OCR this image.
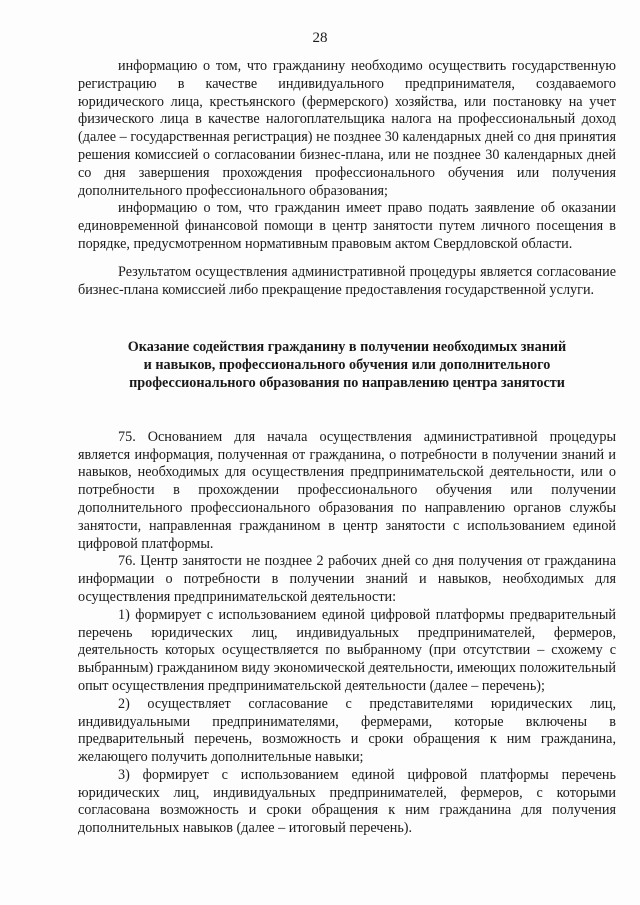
28

информацию о том, что гражданину необходимо осуществить государственную регистрацию в качестве индивидуального предпринимателя, создаваемого юридического лица, крестьянского (фермерского) хозяйства, или постановку на учет физического лица в качестве налогоплательщика налога на профессиональный доход (далее – государственная регистрация) не позднее 30 календарных дней со дня принятия решения комиссией о согласовании бизнес-плана, или не позднее 30 календарных дней со дня завершения прохождения профессионального обучения или получения дополнительного профессионального образования;

информацию о том, что гражданин имеет право подать заявление об оказании единовременной финансовой помощи в центр занятости путем личного посещения в порядке, предусмотренном нормативным правовым актом Свердловской области.

Результатом осуществления административной процедуры является согласование бизнес-плана комиссией либо прекращение предоставления государственной услуги.

Оказание содействия гражданину в получении необходимых знаний
и навыков, профессионального обучения или дополнительного
профессионального образования по направлению центра занятости

75. Основанием для начала осуществления административной процедуры является информация, полученная от гражданина, о потребности в получении знаний и навыков, необходимых для осуществления предпринимательской деятельности, или о потребности в прохождении профессионального обучения или получении дополнительного профессионального образования по направлению органов службы занятости, направленная гражданином в центр занятости с использованием единой цифровой платформы.

76. Центр занятости не позднее 2 рабочих дней со дня получения от гражданина информации о потребности в получении знаний и навыков, необходимых для осуществления предпринимательской деятельности:

1) формирует с использованием единой цифровой платформы предварительный перечень юридических лиц, индивидуальных предпринимателей, фермеров, деятельность которых осуществляется по выбранному (при отсутствии – схожему с выбранным) гражданином виду экономической деятельности, имеющих положительный опыт осуществления предпринимательской деятельности (далее – перечень);

2) осуществляет согласование с представителями юридических лиц, индивидуальными предпринимателями, фермерами, которые включены в предварительный перечень, возможность и сроки обращения к ним гражданина, желающего получить дополнительные навыки;

3) формирует с использованием единой цифровой платформы перечень юридических лиц, индивидуальных предпринимателей, фермеров, с которыми согласована возможность и сроки обращения к ним гражданина для получения дополнительных навыков (далее – итоговый перечень).
